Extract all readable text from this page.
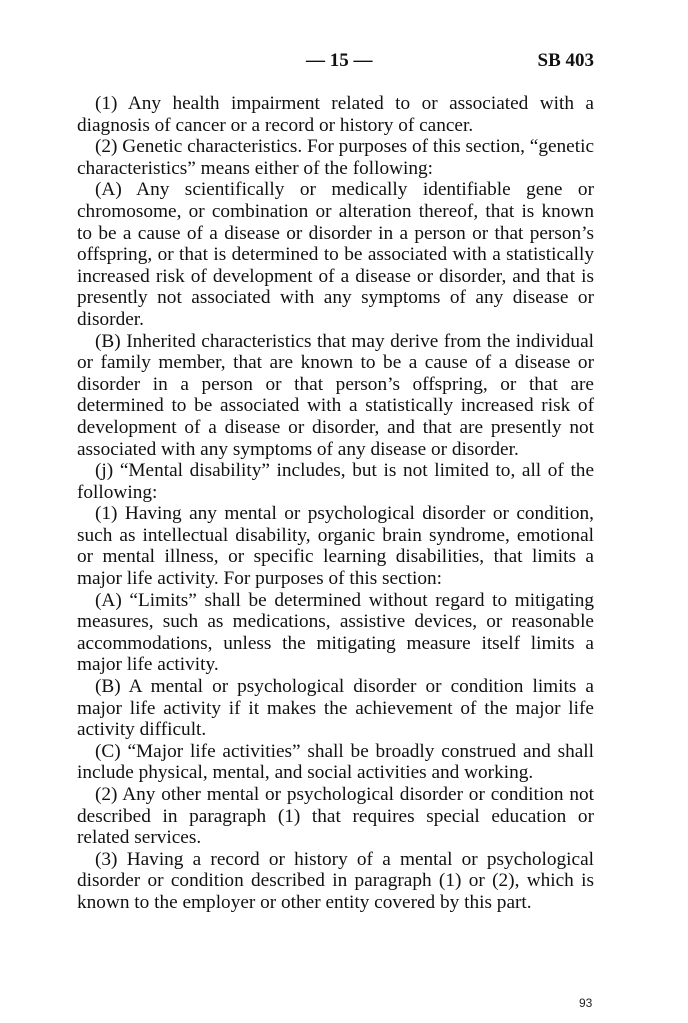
— 15 —	SB 403

(1) Any health impairment related to or associated with a diagnosis of cancer or a record or history of cancer.

(2) Genetic characteristics. For purposes of this section, “genetic characteristics” means either of the following:

(A) Any scientifically or medically identifiable gene or chromosome, or combination or alteration thereof, that is known to be a cause of a disease or disorder in a person or that person’s offspring, or that is determined to be associated with a statistically increased risk of development of a disease or disorder, and that is presently not associated with any symptoms of any disease or disorder.

(B) Inherited characteristics that may derive from the individual or family member, that are known to be a cause of a disease or disorder in a person or that person’s offspring, or that are determined to be associated with a statistically increased risk of development of a disease or disorder, and that are presently not associated with any symptoms of any disease or disorder.

(j) “Mental disability” includes, but is not limited to, all of the following:

(1) Having any mental or psychological disorder or condition, such as intellectual disability, organic brain syndrome, emotional or mental illness, or specific learning disabilities, that limits a major life activity. For purposes of this section:

(A) “Limits” shall be determined without regard to mitigating measures, such as medications, assistive devices, or reasonable accommodations, unless the mitigating measure itself limits a major life activity.

(B) A mental or psychological disorder or condition limits a major life activity if it makes the achievement of the major life activity difficult.

(C) “Major life activities” shall be broadly construed and shall include physical, mental, and social activities and working.

(2) Any other mental or psychological disorder or condition not described in paragraph (1) that requires special education or related services.

(3) Having a record or history of a mental or psychological disorder or condition described in paragraph (1) or (2), which is known to the employer or other entity covered by this part.

93
